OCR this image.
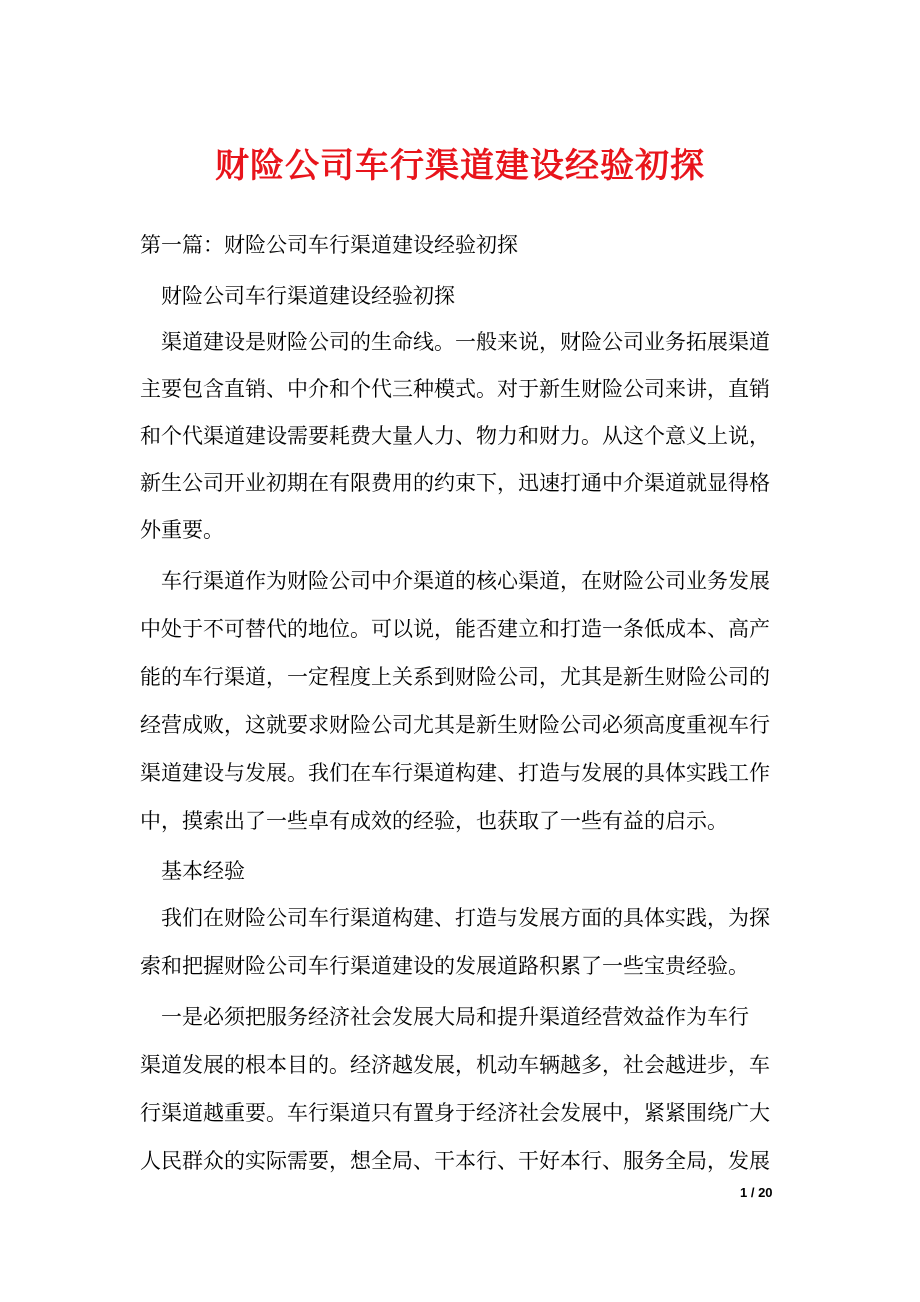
财险公司车行渠道建设经验初探

第一篇：财险公司车行渠道建设经验初探

财险公司车行渠道建设经验初探

渠道建设是财险公司的生命线。一般来说，财险公司业务拓展渠道

主要包含直销、中介和个代三种模式。对于新生财险公司来讲，直销

和个代渠道建设需要耗费大量人力、物力和财力。从这个意义上说，

新生公司开业初期在有限费用的约束下，迅速打通中介渠道就显得格

外重要。

车行渠道作为财险公司中介渠道的核心渠道，在财险公司业务发展

中处于不可替代的地位。可以说，能否建立和打造一条低成本、高产

能的车行渠道，一定程度上关系到财险公司，尤其是新生财险公司的

经营成败，这就要求财险公司尤其是新生财险公司必须高度重视车行

渠道建设与发展。我们在车行渠道构建、打造与发展的具体实践工作

中，摸索出了一些卓有成效的经验，也获取了一些有益的启示。

基本经验

我们在财险公司车行渠道构建、打造与发展方面的具体实践，为探

索和把握财险公司车行渠道建设的发展道路积累了一些宝贵经验。

一是必须把服务经济社会发展大局和提升渠道经营效益作为车行

渠道发展的根本目的。经济越发展，机动车辆越多，社会越进步，车

行渠道越重要。车行渠道只有置身于经济社会发展中，紧紧围绕广大

人民群众的实际需要，想全局、干本行、干好本行、服务全局，发展

1 / 20
